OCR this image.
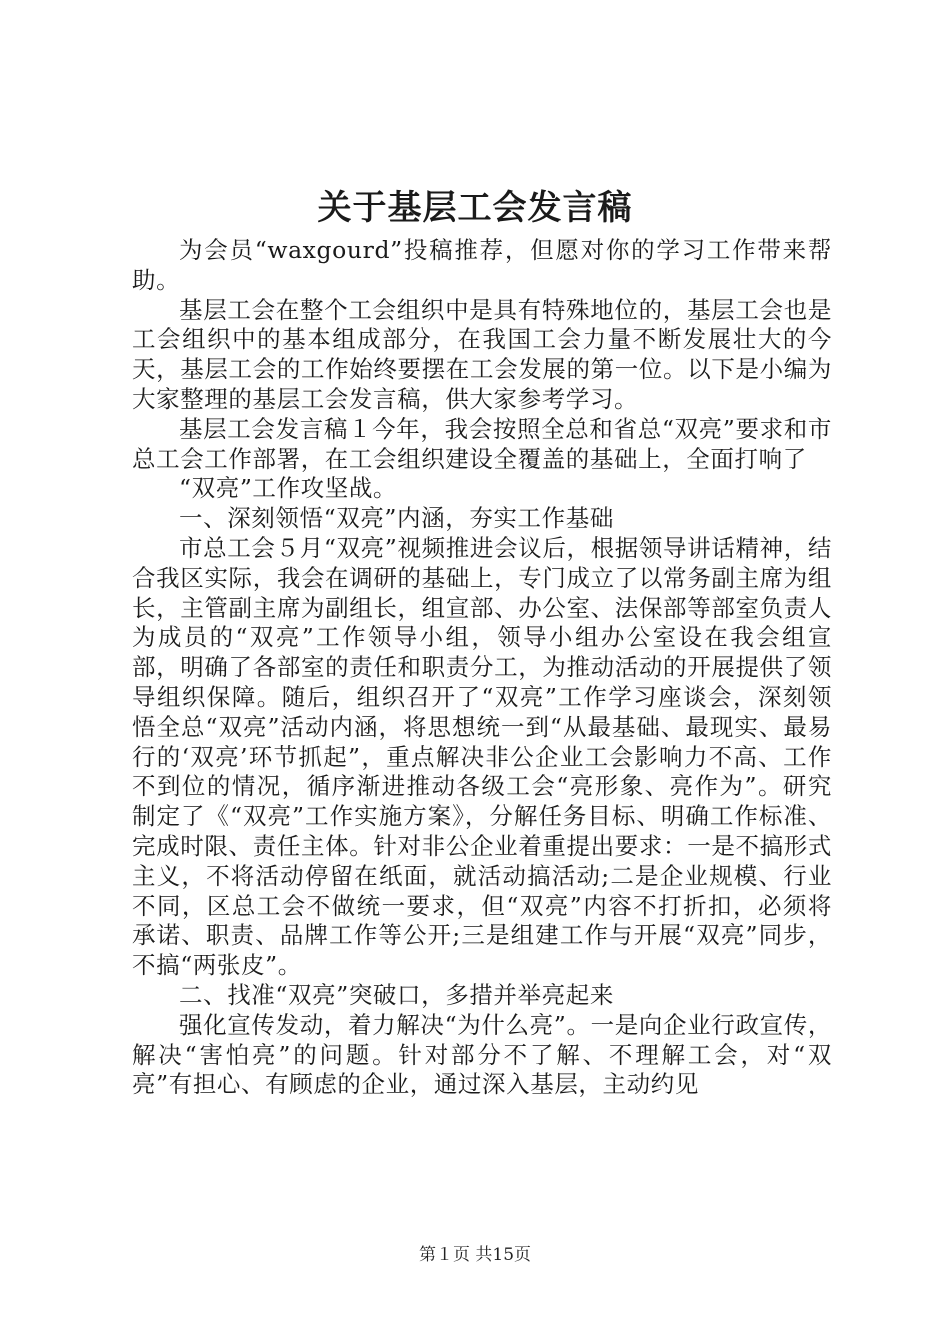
关于基层工会发言稿

为会员“waxgourd”投稿推荐，但愿对你的学习工作带来帮助。

基层工会在整个工会组织中是具有特殊地位的，基层工会也是工会组织中的基本组成部分，在我国工会力量不断发展壮大的今天，基层工会的工作始终要摆在工会发展的第一位。以下是小编为大家整理的基层工会发言稿，供大家参考学习。

基层工会发言稿１今年，我会按照全总和省总“双亮”要求和市总工会工作部署，在工会组织建设全覆盖的基础上，全面打响了

“双亮”工作攻坚战。

一、深刻领悟“双亮”内涵，夯实工作基础

市总工会５月“双亮”视频推进会议后，根据领导讲话精神，结合我区实际，我会在调研的基础上，专门成立了以常务副主席为组长，主管副主席为副组长，组宣部、办公室、法保部等部室负责人为成员的“双亮”工作领导小组，领导小组办公室设在我会组宣部，明确了各部室的责任和职责分工，为推动活动的开展提供了领导组织保障。随后，组织召开了“双亮”工作学习座谈会，深刻领悟全总“双亮”活动内涵，将思想统一到“从最基础、最现实、最易行的‘双亮’环节抓起”，重点解决非公企业工会影响力不高、工作不到位的情况，循序渐进推动各级工会“亮形象、亮作为”。研究制定了《“双亮”工作实施方案》，分解任务目标、明确工作标准、完成时限、责任主体。针对非公企业着重提出要求：一是不搞形式主义，不将活动停留在纸面，就活动搞活动;二是企业规模、行业不同，区总工会不做统一要求，但“双亮”内容不打折扣，必须将承诺、职责、品牌工作等公开;三是组建工作与开展“双亮”同步，不搞“两张皮”。

二、找准“双亮”突破口，多措并举亮起来

强化宣传发动，着力解决“为什么亮”。一是向企业行政宣传，解决“害怕亮”的问题。针对部分不了解、不理解工会，对“双亮”有担心、有顾虑的企业，通过深入基层，主动约见

第１页 共15页
